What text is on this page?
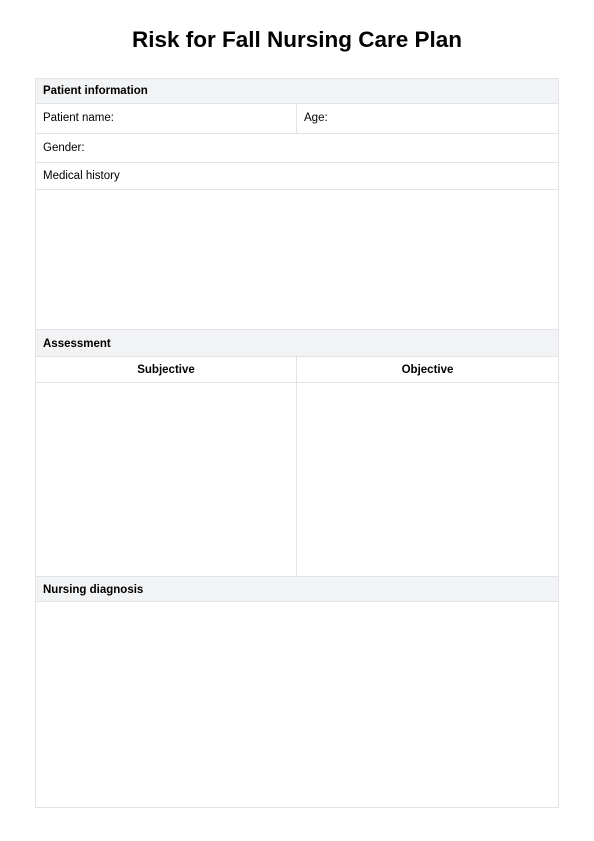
Risk for Fall Nursing Care Plan
Patient information
Patient name:	Age:
Gender:
Medical history
Assessment
Subjective	Objective
Nursing diagnosis
